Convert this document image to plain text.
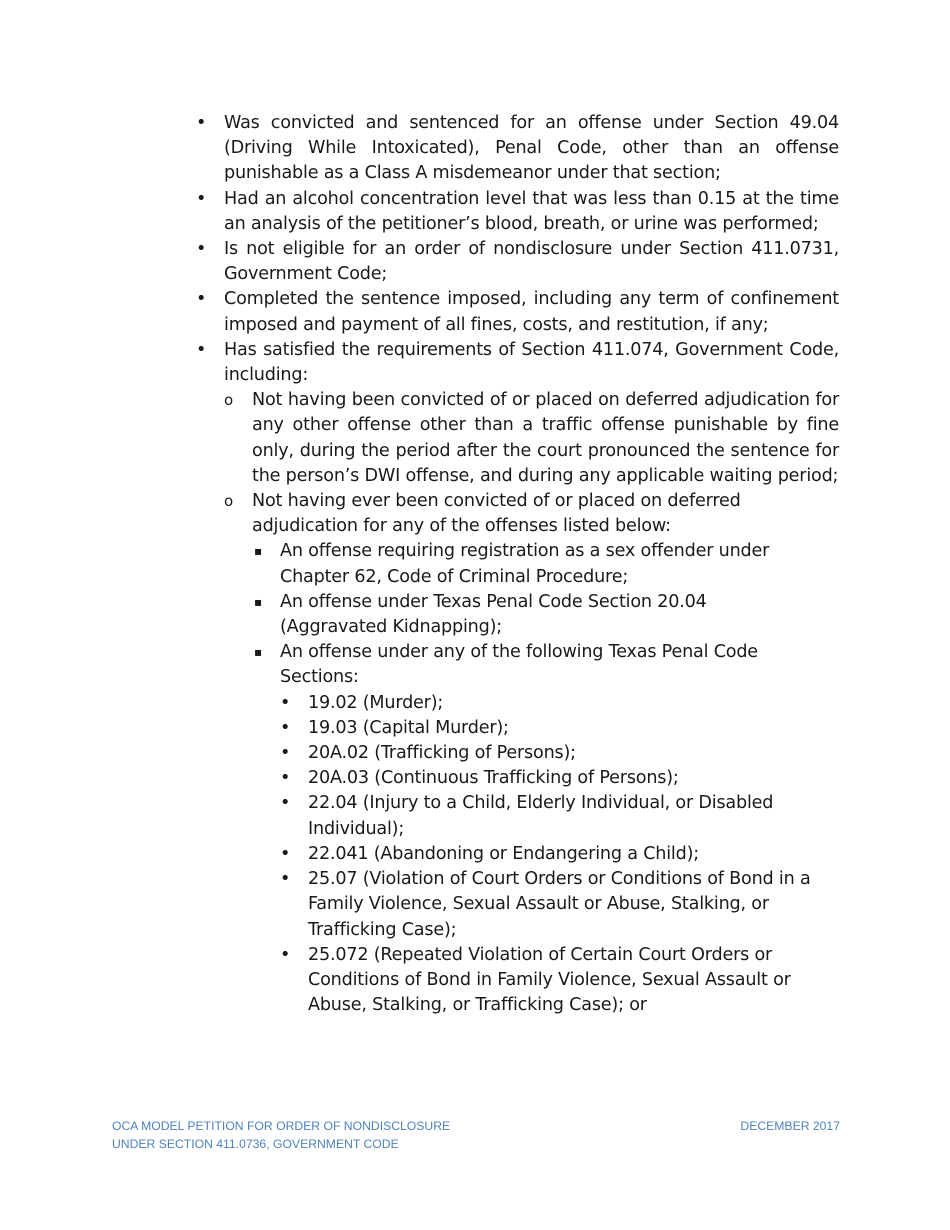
• Was convicted and sentenced for an offense under Section 49.04 (Driving While Intoxicated), Penal Code, other than an offense punishable as a Class A misdemeanor under that section;
• Had an alcohol concentration level that was less than 0.15 at the time an analysis of the petitioner’s blood, breath, or urine was performed;
• Is not eligible for an order of nondisclosure under Section 411.0731, Government Code;
• Completed the sentence imposed, including any term of confinement imposed and payment of all fines, costs, and restitution, if any;
• Has satisfied the requirements of Section 411.074, Government Code, including:
o Not having been convicted of or placed on deferred adjudication for any other offense other than a traffic offense punishable by fine only, during the period after the court pronounced the sentence for the person’s DWI offense, and during any applicable waiting period;
o Not having ever been convicted of or placed on deferred adjudication for any of the offenses listed below:
▪ An offense requiring registration as a sex offender under Chapter 62, Code of Criminal Procedure;
▪ An offense under Texas Penal Code Section 20.04 (Aggravated Kidnapping);
▪ An offense under any of the following Texas Penal Code Sections:
• 19.02 (Murder);
• 19.03 (Capital Murder);
• 20A.02 (Trafficking of Persons);
• 20A.03 (Continuous Trafficking of Persons);
• 22.04 (Injury to a Child, Elderly Individual, or Disabled Individual);
• 22.041 (Abandoning or Endangering a Child);
• 25.07 (Violation of Court Orders or Conditions of Bond in a Family Violence, Sexual Assault or Abuse, Stalking, or Trafficking Case);
• 25.072 (Repeated Violation of Certain Court Orders or Conditions of Bond in Family Violence, Sexual Assault or Abuse, Stalking, or Trafficking Case); or
OCA MODEL PETITION FOR ORDER OF NONDISCLOSURE
UNDER SECTION 411.0736, GOVERNMENT CODE
DECEMBER 2017
